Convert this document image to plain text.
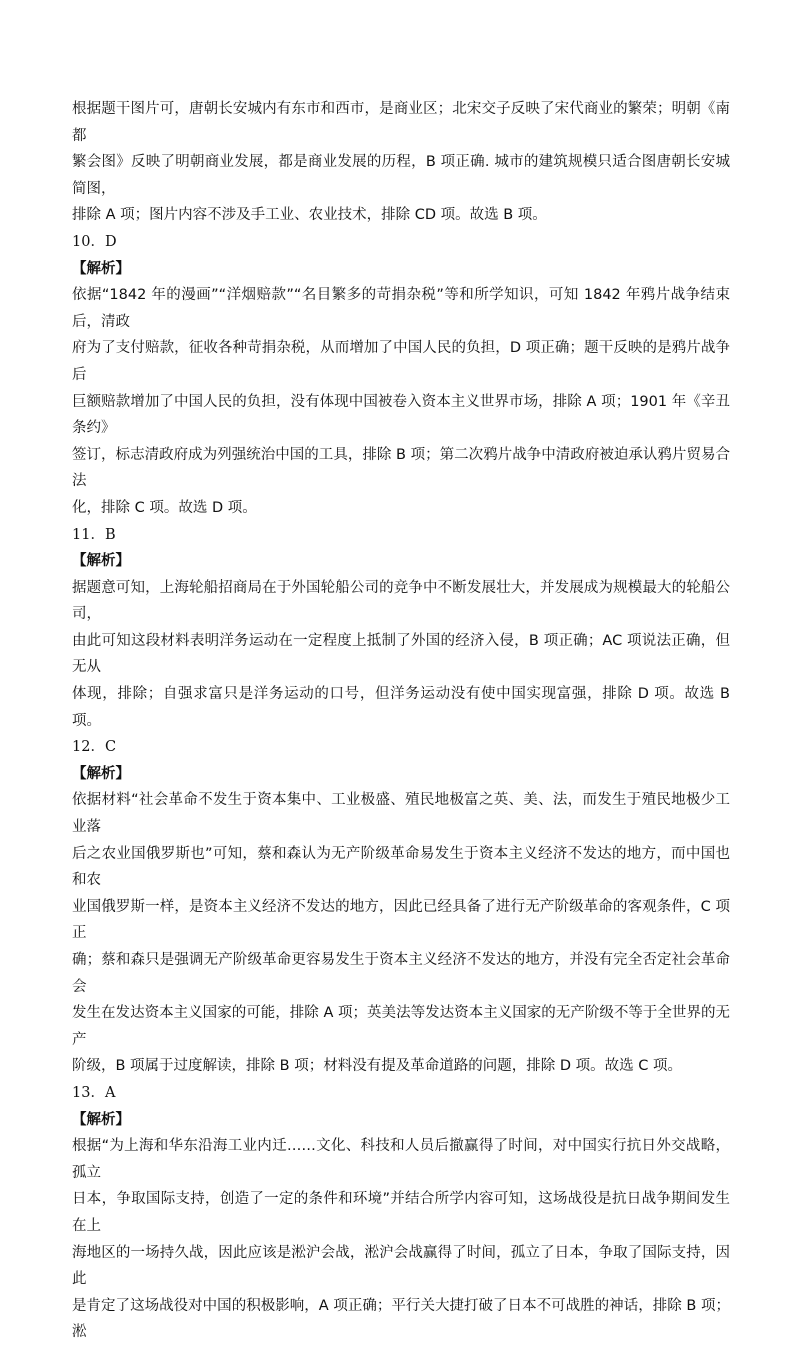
根据题干图片可，唐朝长安城内有东市和西市，是商业区；北宋交子反映了宋代商业的繁荣；明朝《南都

繁会图》反映了明朝商业发展，都是商业发展的历程，B 项正确. 城市的建筑规模只适合图唐朝长安城简图，

排除 A 项；图片内容不涉及手工业、农业技术，排除 CD 项。故选 B 项。

10．D

【解析】

依据“1842 年的漫画”“洋烟赔款”“名目繁多的苛捐杂税”等和所学知识，可知 1842 年鸦片战争结束后，清政

府为了支付赔款，征收各种苛捐杂税，从而增加了中国人民的负担，D 项正确；题干反映的是鸦片战争后

巨额赔款增加了中国人民的负担，没有体现中国被卷入资本主义世界市场，排除 A 项；1901 年《辛丑条约》

签订，标志清政府成为列强统治中国的工具，排除 B 项；第二次鸦片战争中清政府被迫承认鸦片贸易合法

化，排除 C 项。故选 D 项。

11．B

【解析】

据题意可知，上海轮船招商局在于外国轮船公司的竞争中不断发展壮大，并发展成为规模最大的轮船公司，

由此可知这段材料表明洋务运动在一定程度上抵制了外国的经济入侵，B 项正确；AC 项说法正确，但无从

体现，排除；自强求富只是洋务运动的口号，但洋务运动没有使中国实现富强，排除 D 项。故选 B 项。

12．C

【解析】

依据材料“社会革命不发生于资本集中、工业极盛、殖民地极富之英、美、法，而发生于殖民地极少工业落

后之农业国俄罗斯也”可知，蔡和森认为无产阶级革命易发生于资本主义经济不发达的地方，而中国也和农

业国俄罗斯一样，是资本主义经济不发达的地方，因此已经具备了进行无产阶级革命的客观条件，C 项正

确；蔡和森只是强调无产阶级革命更容易发生于资本主义经济不发达的地方，并没有完全否定社会革命会

发生在发达资本主义国家的可能，排除 A 项；英美法等发达资本主义国家的无产阶级不等于全世界的无产

阶级，B 项属于过度解读，排除 B 项；材料没有提及革命道路的问题，排除 D 项。故选 C 项。

13．A

【解析】

根据“为上海和华东沿海工业内迁……文化、科技和人员后撤赢得了时间，对中国实行抗日外交战略，孤立

日本，争取国际支持，创造了一定的条件和环境”并结合所学内容可知，这场战役是抗日战争期间发生在上

海地区的一场持久战，因此应该是淞沪会战，淞沪会战赢得了时间，孤立了日本，争取了国际支持，因此

是肯定了这场战役对中国的积极影响，A 项正确；平行关大捷打破了日本不可战胜的神话，排除 B 项；淞
